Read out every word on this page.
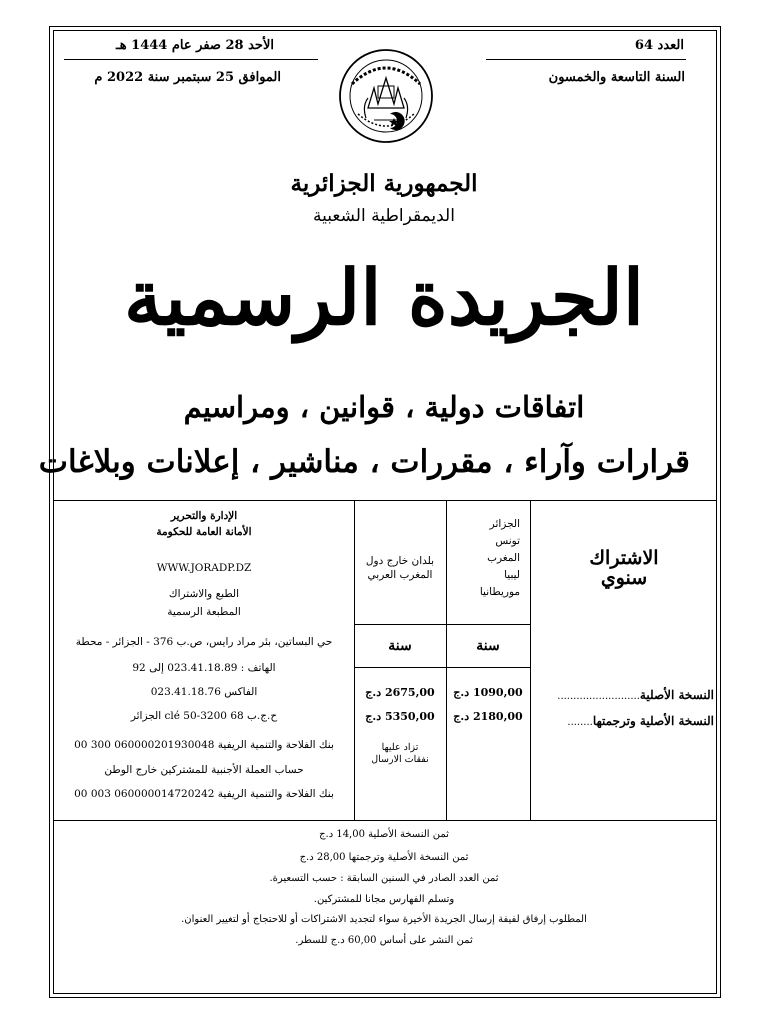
العدد 64
السنة التاسعة والخمسون
الأحد 28 صفر عام 1444 هـ
الموافق 25 سبتمبر سنة 2022 م
الجمهورية الجزائرية
الديمقراطية الشعبية
الجريدة الرسمية
اتفاقات دولية ، قوانين ، ومراسيم
قرارات وآراء ، مقررات ، مناشير ، إعلانات وبلاغات
الاشتراك
سنوي
الجزائر
تونس
المغرب
ليبيا
موريطانيا
بلدان خارج دول
المغرب العربي
سنة
سنة
1090,00 د.ج
2675,00 د.ج
2180,00 د.ج
5350,00 د.ج
النسخة الأصلية..........................
النسخة الأصلية وترجمتها........
تزاد عليها
نفقات الارسال
الإدارة والتحرير
الأمانة العامة للحكومة
WWW.JORADP.DZ
الطبع والاشتراك
المطبعة الرسمية
حي البساتين، بئر مراد رايس، ص.ب 376 - الجزائر - محطة
الهاتف : 023.41.18.89 إلى 92
الفاكس 023.41.18.76
ح.ج.ب 68 3200-50 clé الجزائر
بنك الفلاحة والتنمية الريفية 060000201930048 300 00
حساب العملة الأجنبية للمشتركين خارج الوطن
بنك الفلاحة والتنمية الريفية 060000014720242 003 00
ثمن النسخة الأصلية 14,00 د.ج
ثمن النسخة الأصلية وترجمتها 28,00 د.ج
ثمن العدد الصادر في السنين السابقة : حسب التسعيرة.
وتسلم الفهارس مجانا للمشتركين.
المطلوب إرفاق لفيفة إرسال الجريدة الأخيرة سواء لتجديد الاشتراكات أو للاحتجاج أو لتغيير العنوان.
ثمن النشر على أساس 60,00 د.ج للسطر.
